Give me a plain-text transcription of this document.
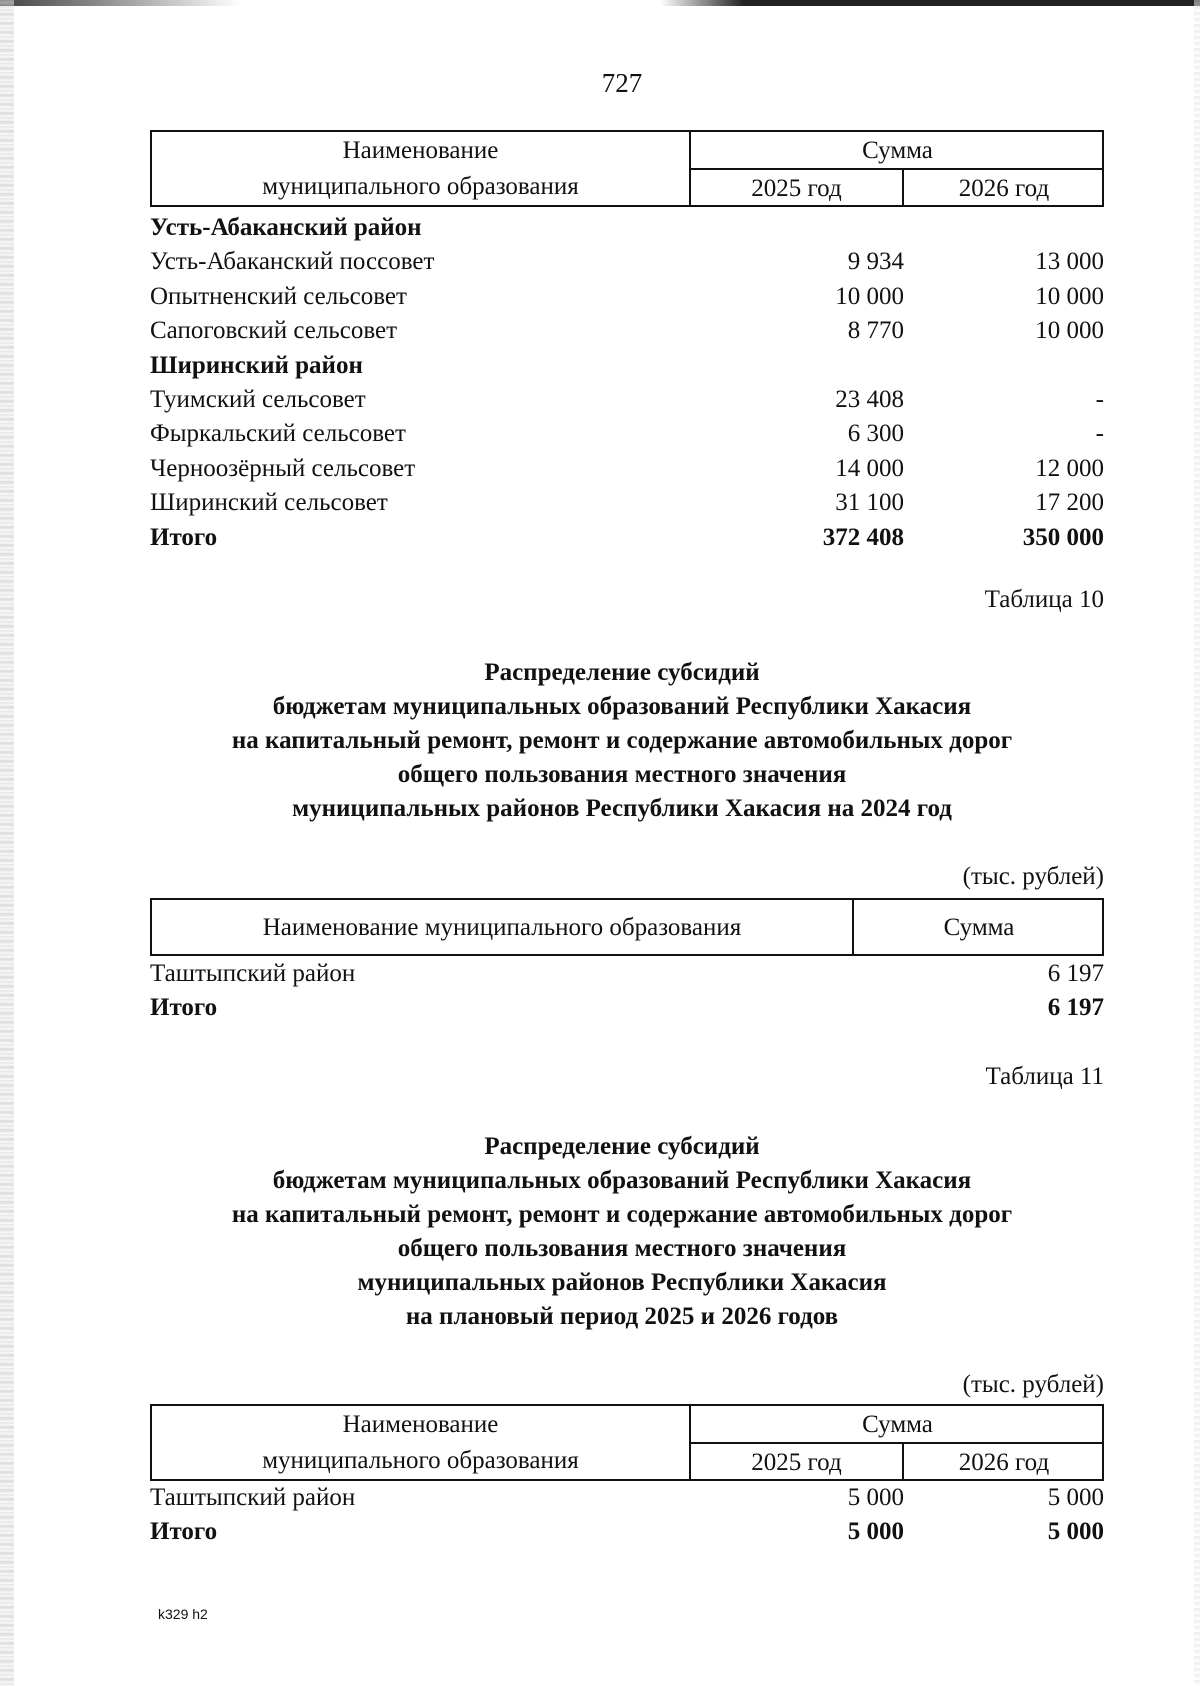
727
Наименование
муниципального образования
Сумма
2025 год	2026 год
Усть-Абаканский район
Усть-Абаканский поссовет	9 934	13 000
Опытненский сельсовет	10 000	10 000
Сапоговский сельсовет	8 770	10 000
Ширинский район
Туимский сельсовет	23 408	-
Фыркальский сельсовет	6 300	-
Черноозёрный сельсовет	14 000	12 000
Ширинский сельсовет	31 100	17 200
Итого	372 408	350 000
Таблица 10
Распределение субсидий
бюджетам муниципальных образований Республики Хакасия
на капитальный ремонт, ремонт и содержание автомобильных дорог
общего пользования местного значения
муниципальных районов Республики Хакасия на 2024 год
(тыс. рублей)
Наименование муниципального образования	Сумма
Таштыпский район	6 197
Итого	6 197
Таблица 11
Распределение субсидий
бюджетам муниципальных образований Республики Хакасия
на капитальный ремонт, ремонт и содержание автомобильных дорог
общего пользования местного значения
муниципальных районов Республики Хакасия
на плановый период 2025 и 2026 годов
(тыс. рублей)
Наименование
муниципального образования
Сумма
2025 год	2026 год
Таштыпский район	5 000	5 000
Итого	5 000	5 000
k329 h2
